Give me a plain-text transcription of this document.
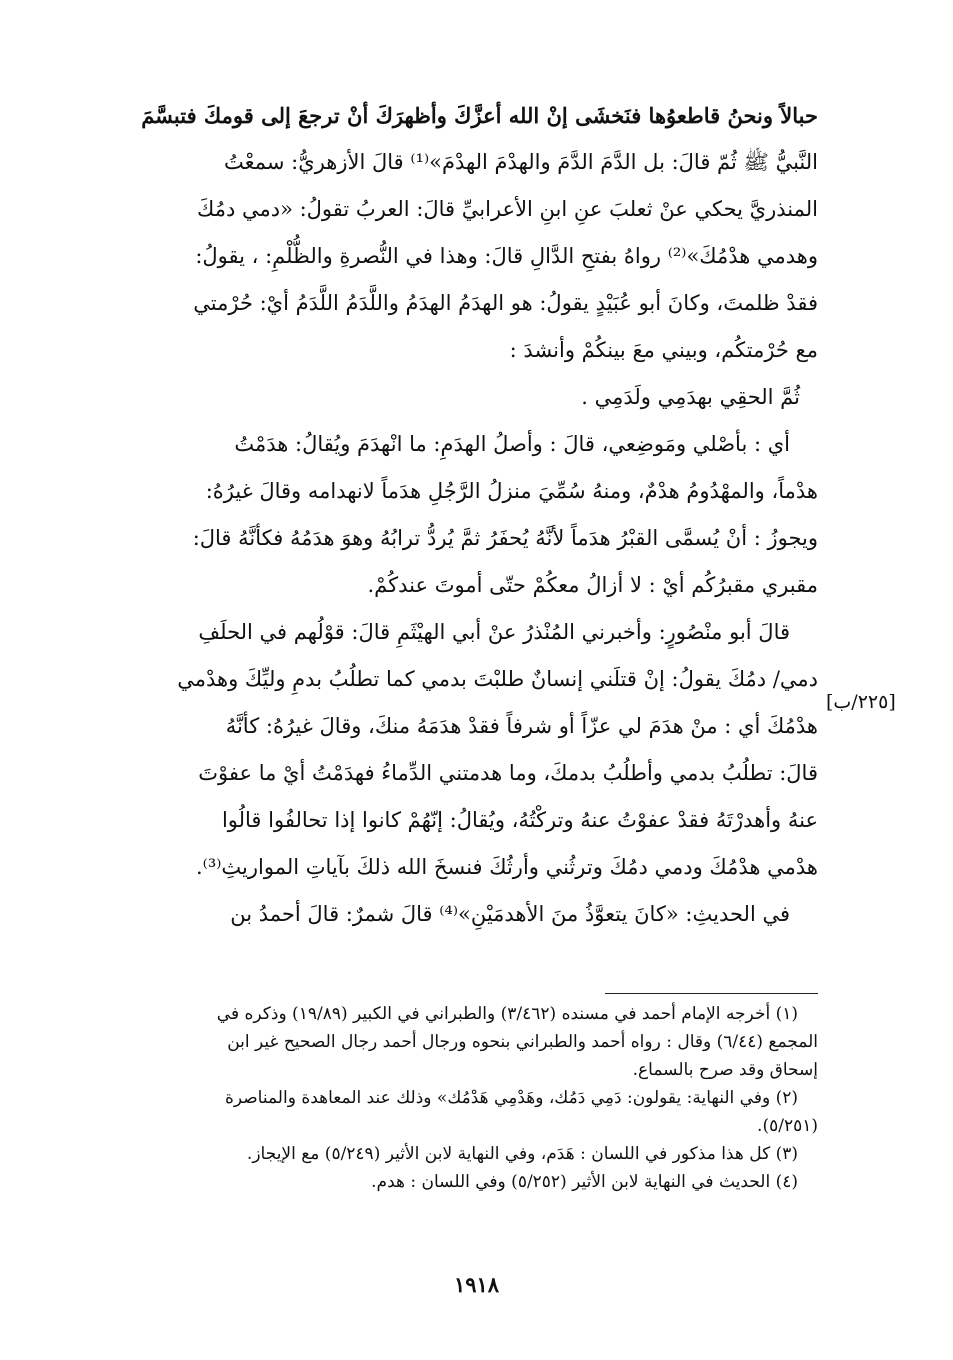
حبالاً ونحنُ قاطعوُها فنَخشَى إنْ الله أعزَّكَ وأظهرَكَ أنْ ترجعَ إلى قومكَ فتبسَّمَ
النَّبيُّ ﷺ ثُمّ قالَ: بل الدَّمَ الدَّمَ والهدْمَ الهدْمَ»⁽¹⁾ قالَ الأزهريُّ: سمعْتُ
المنذريَّ يحكي عنْ ثعلبَ عنِ ابنِ الأعرابيِّ قالَ: العربُ تقولُ: «دمي دمُكَ
وهدمي هدْمُكَ»⁽²⁾ رواهُ بفتحِ الدَّالِ قالَ: وهذا في النُّصرةِ والظُّلْمِ: ، يقولُ:
فقدْ ظلمتَ، وكانَ أبو عُبَيْدٍ يقولُ: هو الهدَمُ الهدَمُ واللَّدَمُ اللَّدَمُ أيْ: حُرْمتي
مع حُرْمتكُم، وبيني معَ بينكُمْ وأنشدَ :
ثُمَّ الحقِي بهدَمِي ولَدَمِي .
أي : بأصْلي ومَوضِعي، قالَ : وأصلُ الهدَمِ: ما انْهدَمَ ويُقالُ: هدَمْتُ
هدْماً، والمهْدُومُ هدْمٌ، ومنهُ سُمِّيَ منزلُ الرَّجُلِ هدَماً لانهدامه وقالَ غيرُهُ:
ويجوزُ : أنْ يُسمَّى القبْرُ هدَماً لأنَّهُ يُحفَرُ ثمَّ يُردُّ ترابُهُ وهوَ هدَمُهُ فكأنَّهُ قالَ:
مقبري مقبرُكُم أيْ : لا أزالُ معكُمْ حتّى أموتَ عندكُمْ.
قالَ أبو منْصُورٍ: وأخبرني المُنْذرُ عنْ أبي الهيْثَمِ قالَ: قوْلُهم في الحلَفِ
دمي/ دمُكَ يقولُ: إنْ قتلَني إنسانٌ طلبْتَ بدمي كما تطلُبُ بدمِ وليِّكَ وهدْمي
هدْمُكَ أي : منْ هدَمَ لي عزّاً أو شرفاً فقدْ هدَمَهُ منكَ، وقالَ غيرُهُ: كأنَّهُ
قالَ: تطلُبُ بدمي وأطلُبُ بدمكَ، وما هدمتني الدِّماءُ فهدَمْتُ أيْ ما عفوْتَ
عنهُ وأهدرْتَهُ فقدْ عفوْتُ عنهُ وتركْتُهُ، ويُقالُ: إنّهُمْ كانوا إذا تحالفُوا قالُوا
هدْمي هدْمُكَ ودمي دمُكَ وترثُني وأرثُكَ فنسخَ الله ذلكَ بآياتِ المواريثِ⁽³⁾.
في الحديثِ: «كانَ يتعوَّذُ منَ الأهدمَيْنِ»⁽⁴⁾ قالَ شمرٌ: قالَ أحمدُ بن
[٢٢٥/ب]
(١) أخرجه الإمام أحمد في مسنده (٣/٤٦٢) والطبراني في الكبير (١٩/٨٩) وذكره في
المجمع (٦/٤٤) وقال : رواه أحمد والطبراني بنحوه ورجال أحمد رجال الصحيح غير ابن
إسحاق وقد صرح بالسماع.
(٢) وفي النهاية: يقولون: دَمِي دَمُك، وهَدْمِي هَدْمُك» وذلك عند المعاهدة والمناصرة
(٥/٢٥١).
(٣) كل هذا مذكور في اللسان : هَدَم، وفي النهاية لابن الأثير (٥/٢٤٩) مع الإيجاز.
(٤) الحديث في النهاية لابن الأثير (٥/٢٥٢) وفي اللسان : هدم.
١٩١٨
